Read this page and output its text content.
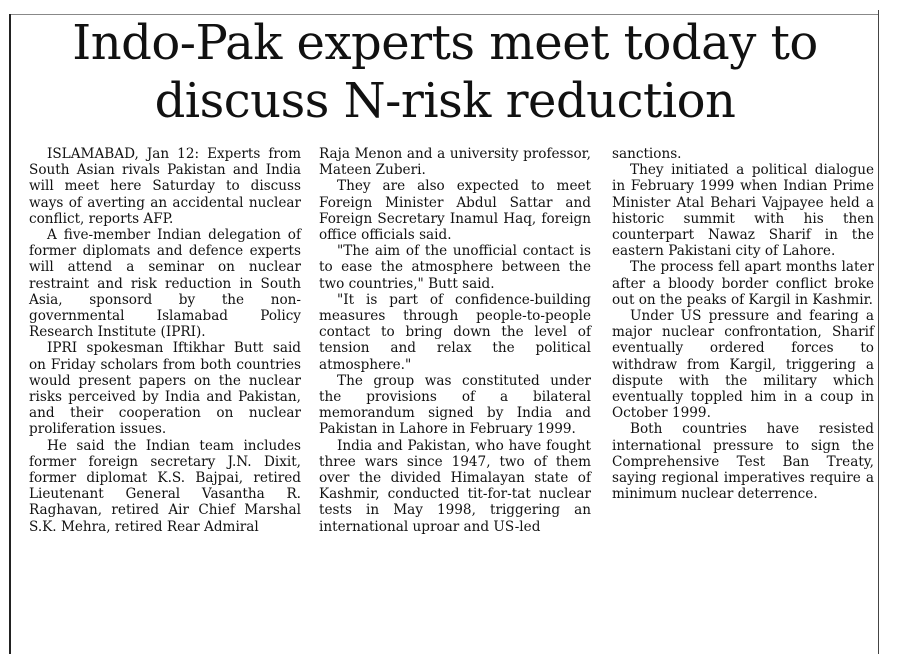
Indo-Pak experts meet today to
discuss N-risk reduction

ISLAMABAD, Jan 12: Experts from South Asian rivals Pakistan and India will meet here Saturday to discuss ways of averting an accidental nuclear conflict, reports AFP.

A five-member Indian delegation of former diplomats and defence experts will attend a seminar on nuclear restraint and risk reduction in South Asia, sponsord by the non-governmental Islamabad Policy Research Institute (IPRI).

IPRI spokesman Iftikhar Butt said on Friday scholars from both countries would present papers on the nuclear risks perceived by India and Pakistan, and their cooperation on nuclear proliferation issues.

He said the Indian team includes former foreign secretary J.N. Dixit, former diplomat K.S. Bajpai, retired Lieutenant General Vasantha R. Raghavan, retired Air Chief Marshal S.K. Mehra, retired Rear Admiral

Raja Menon and a university professor, Mateen Zuberi.

They are also expected to meet Foreign Minister Abdul Sattar and Foreign Secretary Inamul Haq, foreign office officials said.

"The aim of the unofficial contact is to ease the atmosphere between the two countries," Butt said.

"It is part of confidence-building measures through people-to-people contact to bring down the level of tension and relax the political atmosphere."

The group was constituted under the provisions of a bilateral memorandum signed by India and Pakistan in Lahore in February 1999.

India and Pakistan, who have fought three wars since 1947, two of them over the divided Himalayan state of Kashmir, conducted tit-for-tat nuclear tests in May 1998, triggering an international uproar and US-led

sanctions.

They initiated a political dialogue in February 1999 when Indian Prime Minister Atal Behari Vajpayee held a historic summit with his then counterpart Nawaz Sharif in the eastern Pakistani city of Lahore.

The process fell apart months later after a bloody border conflict broke out on the peaks of Kargil in Kashmir.

Under US pressure and fearing a major nuclear confrontation, Sharif eventually ordered forces to withdraw from Kargil, triggering a dispute with the military which eventually toppled him in a coup in October 1999.

Both countries have resisted international pressure to sign the Comprehensive Test Ban Treaty, saying regional imperatives require a minimum nuclear deterrence.
